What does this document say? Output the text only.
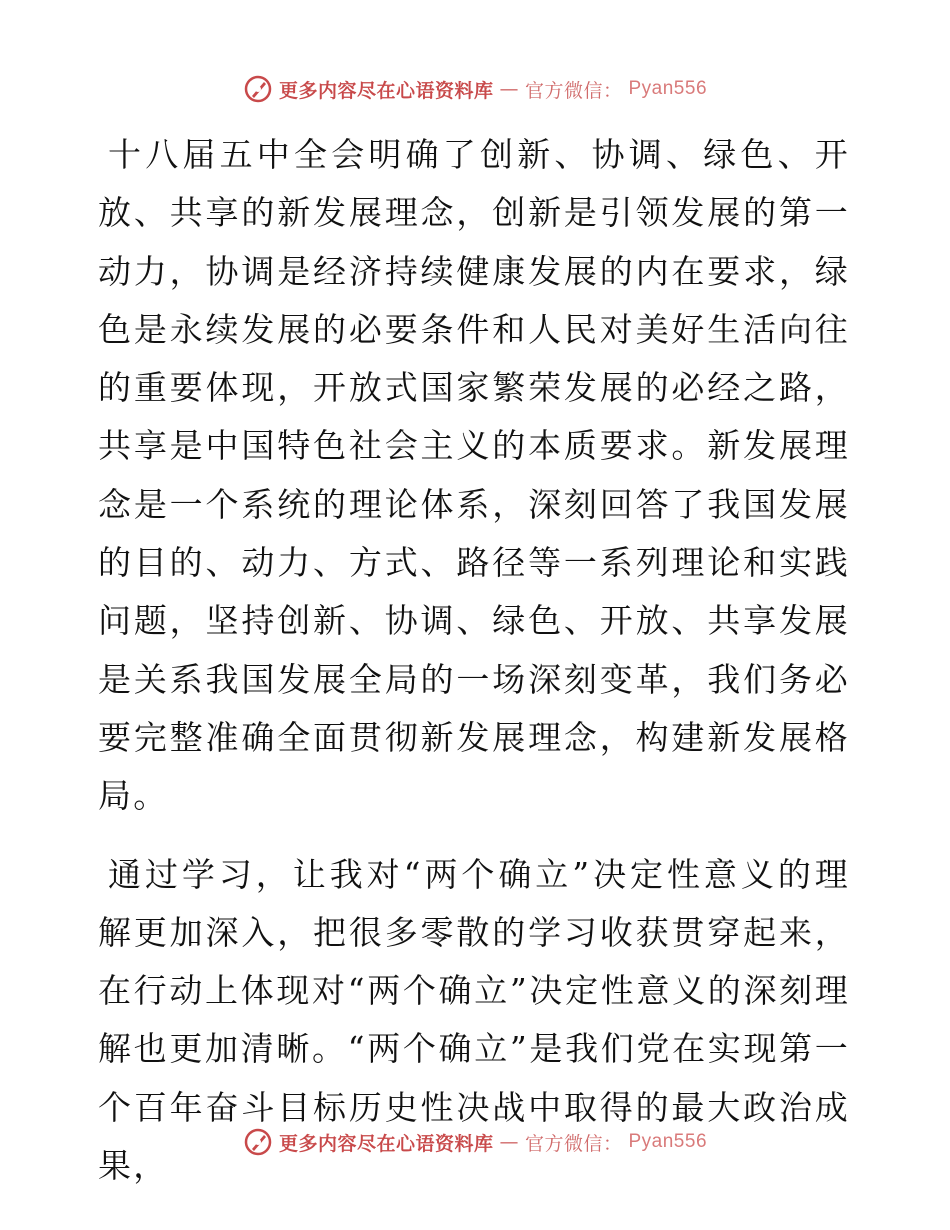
更多内容尽在心语资料库 — 官方微信： Pyan556

十八届五中全会明确了创新、协调、绿色、开放、共享的新发展理念，创新是引领发展的第一动力，协调是经济持续健康发展的内在要求，绿色是永续发展的必要条件和人民对美好生活向往的重要体现，开放式国家繁荣发展的必经之路，共享是中国特色社会主义的本质要求。新发展理念是一个系统的理论体系，深刻回答了我国发展的目的、动力、方式、路径等一系列理论和实践问题，坚持创新、协调、绿色、开放、共享发展是关系我国发展全局的一场深刻变革，我们务必要完整准确全面贯彻新发展理念，构建新发展格局。

通过学习，让我对“两个确立”决定性意义的理解更加深入，把很多零散的学习收获贯穿起来，在行动上体现对“两个确立”决定性意义的深刻理解也更加清晰。“两个确立”是我们党在实现第一个百年奋斗目标历史性决战中取得的最大政治成果，

更多内容尽在心语资料库 — 官方微信： Pyan556
